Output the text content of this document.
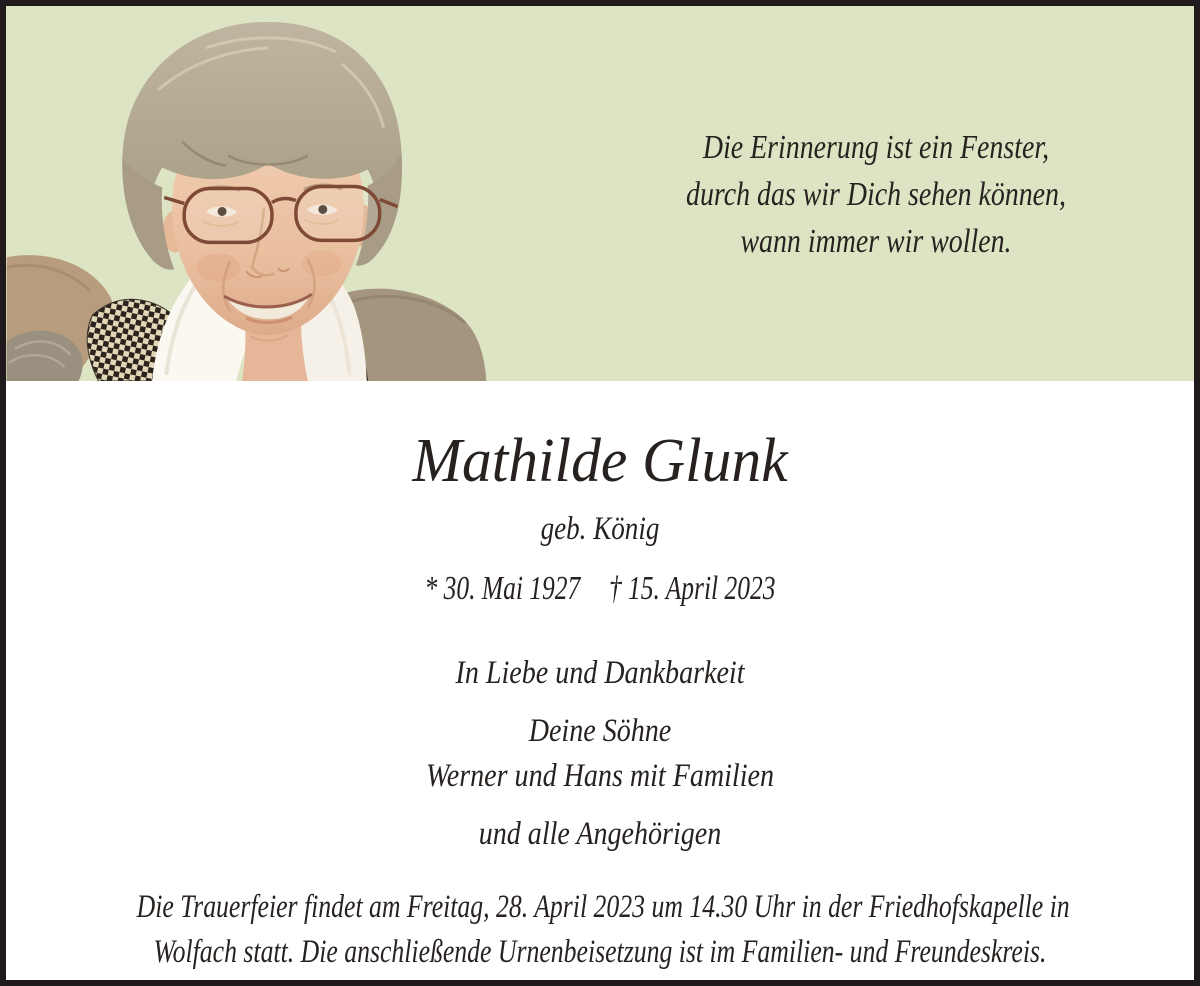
Die Erinnerung ist ein Fenster,

durch das wir Dich sehen können,

wann immer wir wollen.

Mathilde Glunk

geb. König

* 30. Mai 1927 † 15. April 2023

In Liebe und Dankbarkeit

Deine Söhne

Werner und Hans mit Familien

und alle Angehörigen

Die Trauerfeier findet am Freitag, 28. April 2023 um 14.30 Uhr in der Friedhofskapelle in

Wolfach statt. Die anschließende Urnenbeisetzung ist im Familien- und Freundeskreis.
